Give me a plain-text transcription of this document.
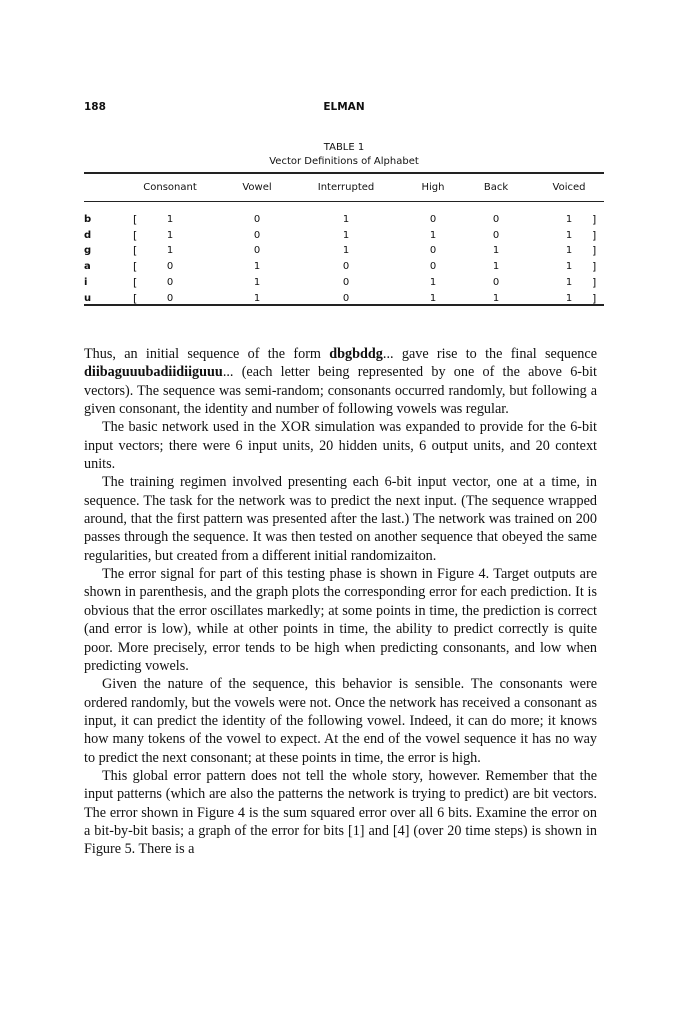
188	ELMAN
TABLE 1
Vector Definitions of Alphabet
Consonant	Vowel	Interrupted	High	Back	Voiced
b	[	1	0	1	0	0	1 ]
d	[	1	0	1	1	0	1 ]
g	[	1	0	1	0	1	1 ]
a	[	0	1	0	0	1	1 ]
i	[	0	1	0	1	0	1 ]
u	[	0	1	0	1	1	1 ]

Thus, an initial sequence of the form dbgbddg... gave rise to the final sequence diibaguuubadiidiiguuu... (each letter being represented by one of the above 6-bit vectors). The sequence was semi-random; consonants occurred randomly, but following a given consonant, the identity and number of following vowels was regular.

The basic network used in the XOR simulation was expanded to provide for the 6-bit input vectors; there were 6 input units, 20 hidden units, 6 output units, and 20 context units.

The training regimen involved presenting each 6-bit input vector, one at a time, in sequence. The task for the network was to predict the next input. (The sequence wrapped around, that the first pattern was presented after the last.) The network was trained on 200 passes through the sequence. It was then tested on another sequence that obeyed the same regularities, but created from a different initial randomizaiton.

The error signal for part of this testing phase is shown in Figure 4. Target outputs are shown in parenthesis, and the graph plots the corresponding error for each prediction. It is obvious that the error oscillates markedly; at some points in time, the prediction is correct (and error is low), while at other points in time, the ability to predict correctly is quite poor. More precisely, error tends to be high when predicting consonants, and low when predicting vowels.

Given the nature of the sequence, this behavior is sensible. The consonants were ordered randomly, but the vowels were not. Once the network has received a consonant as input, it can predict the identity of the following vowel. Indeed, it can do more; it knows how many tokens of the vowel to expect. At the end of the vowel sequence it has no way to predict the next consonant; at these points in time, the error is high.

This global error pattern does not tell the whole story, however. Remember that the input patterns (which are also the patterns the network is trying to predict) are bit vectors. The error shown in Figure 4 is the sum squared error over all 6 bits. Examine the error on a bit-by-bit basis; a graph of the error for bits [1] and [4] (over 20 time steps) is shown in Figure 5. There is a
